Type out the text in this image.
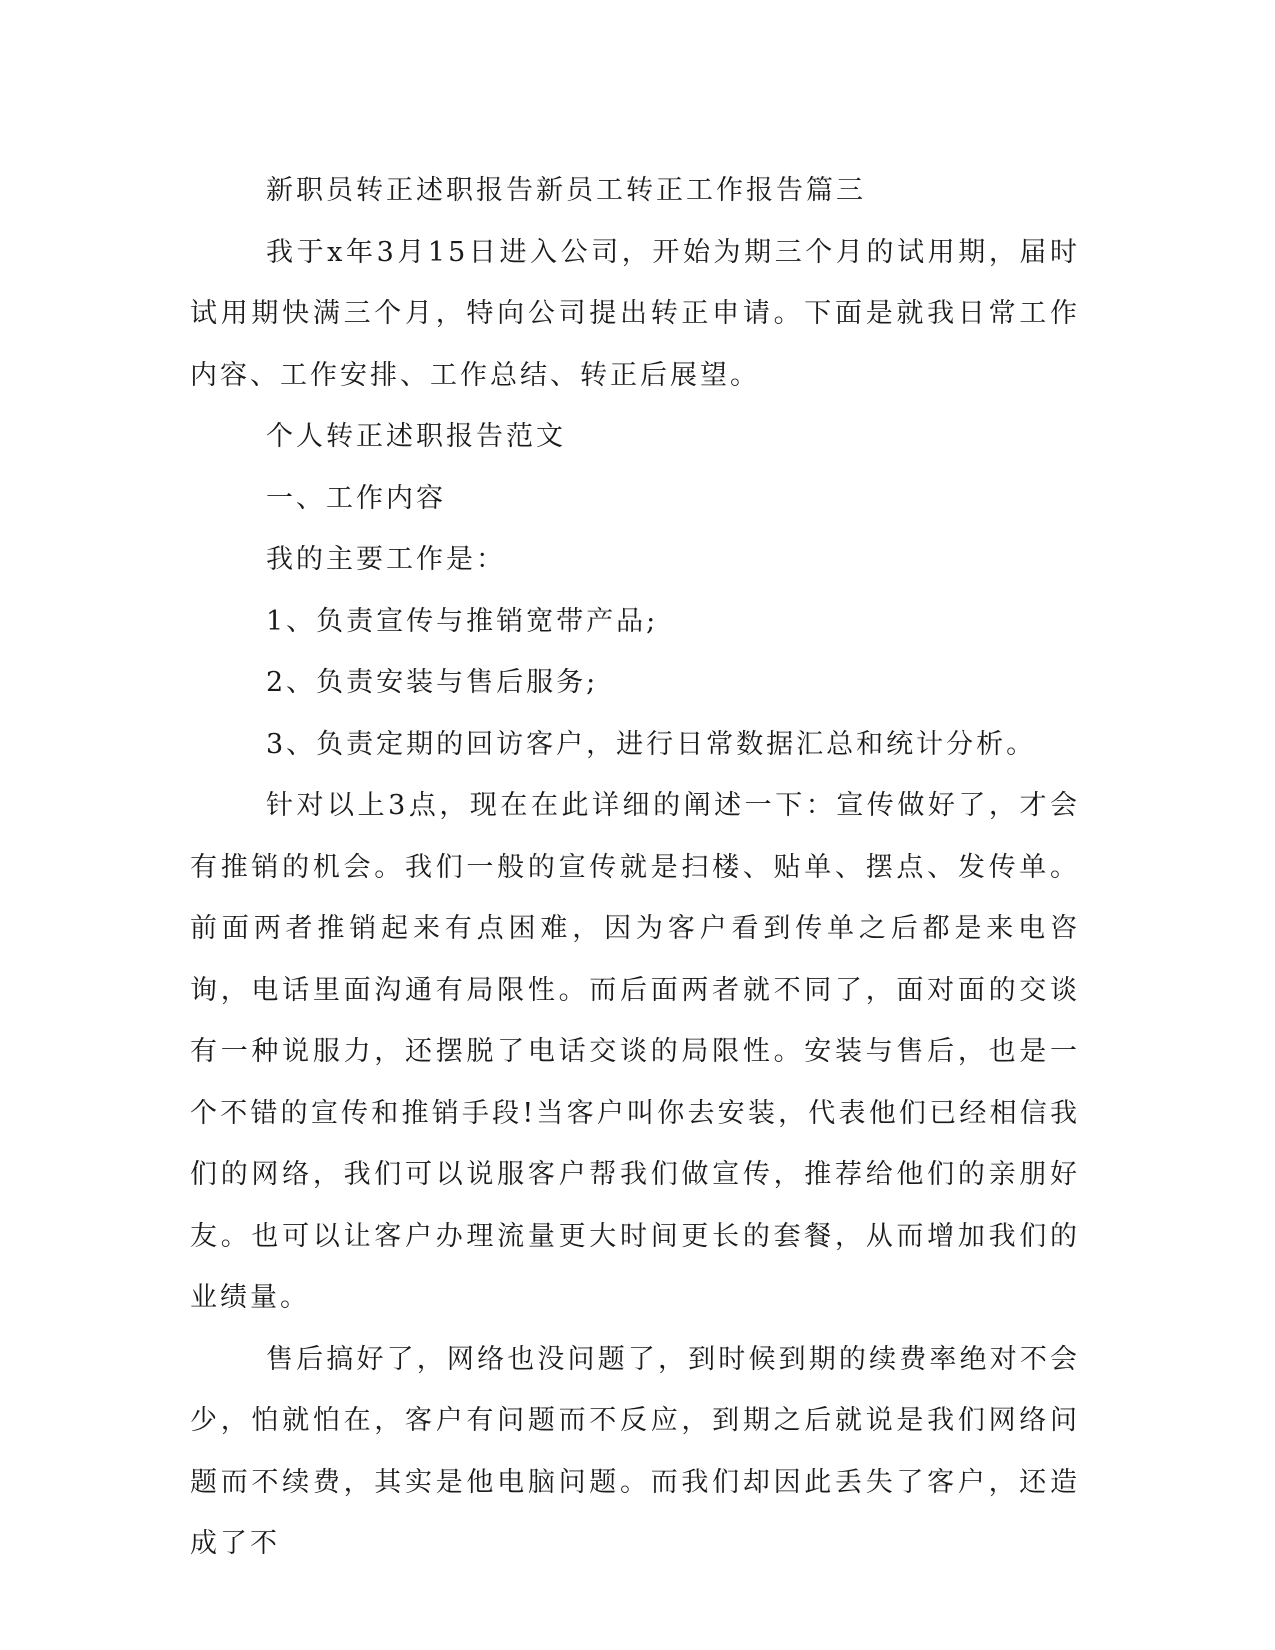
新职员转正述职报告新员工转正工作报告篇三

我于x年3月15日进入公司，开始为期三个月的试用期，届时试用期快满三个月，特向公司提出转正申请。下面是就我日常工作内容、工作安排、工作总结、转正后展望。

个人转正述职报告范文

一、工作内容

我的主要工作是：

1、负责宣传与推销宽带产品;

2、负责安装与售后服务;

3、负责定期的回访客户，进行日常数据汇总和统计分析。

针对以上3点，现在在此详细的阐述一下：宣传做好了，才会有推销的机会。我们一般的宣传就是扫楼、贴单、摆点、发传单。前面两者推销起来有点困难，因为客户看到传单之后都是来电咨询，电话里面沟通有局限性。而后面两者就不同了，面对面的交谈有一种说服力，还摆脱了电话交谈的局限性。安装与售后，也是一个不错的宣传和推销手段!当客户叫你去安装，代表他们已经相信我们的网络，我们可以说服客户帮我们做宣传，推荐给他们的亲朋好友。也可以让客户办理流量更大时间更长的套餐，从而增加我们的业绩量。

售后搞好了，网络也没问题了，到时候到期的续费率绝对不会少，怕就怕在，客户有问题而不反应，到期之后就说是我们网络问题而不续费，其实是他电脑问题。而我们却因此丢失了客户，还造成了不
